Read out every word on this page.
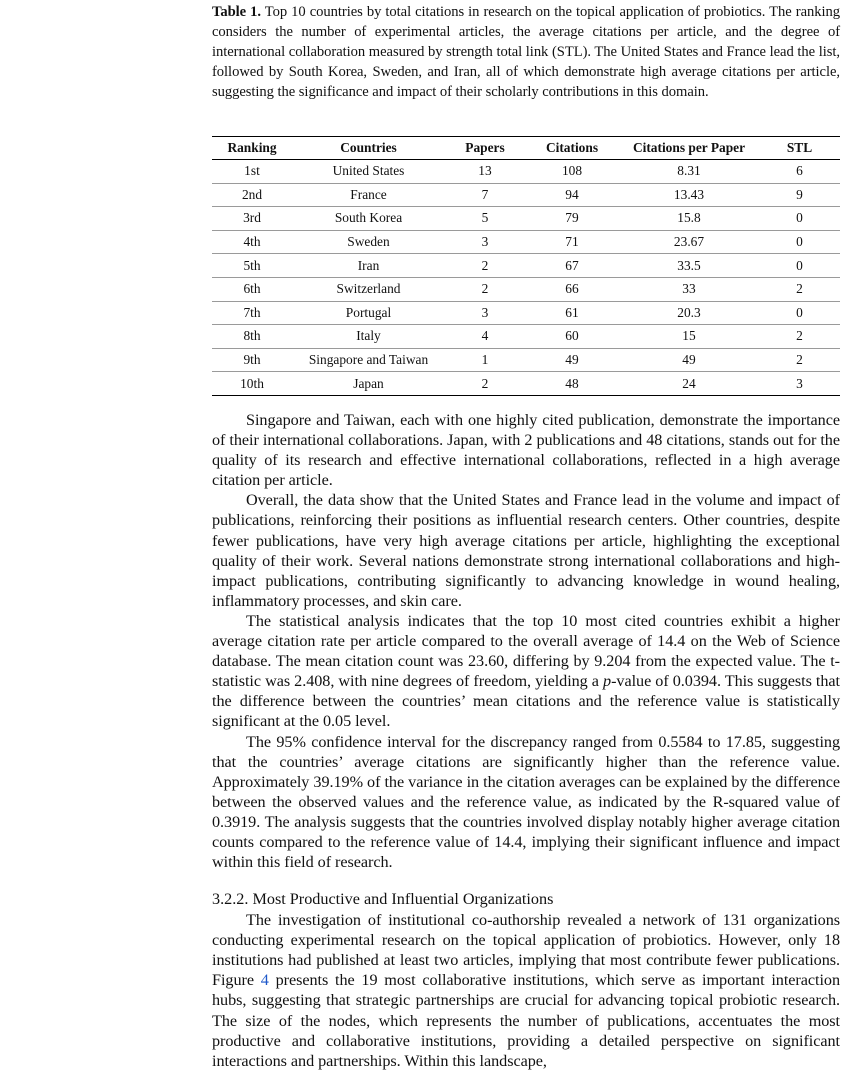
Table 1. Top 10 countries by total citations in research on the topical application of probiotics. The ranking considers the number of experimental articles, the average citations per article, and the degree of international collaboration measured by strength total link (STL). The United States and France lead the list, followed by South Korea, Sweden, and Iran, all of which demonstrate high average citations per article, suggesting the significance and impact of their scholarly contributions in this domain.

Ranking	Countries	Papers	Citations	Citations per Paper	STL
1st	United States	13	108	8.31	6
2nd	France	7	94	13.43	9
3rd	South Korea	5	79	15.8	0
4th	Sweden	3	71	23.67	0
5th	Iran	2	67	33.5	0
6th	Switzerland	2	66	33	2
7th	Portugal	3	61	20.3	0
8th	Italy	4	60	15	2
9th	Singapore and Taiwan	1	49	49	2
10th	Japan	2	48	24	3

Singapore and Taiwan, each with one highly cited publication, demonstrate the importance of their international collaborations. Japan, with 2 publications and 48 citations, stands out for the quality of its research and effective international collaborations, reflected in a high average citation per article.

Overall, the data show that the United States and France lead in the volume and impact of publications, reinforcing their positions as influential research centers. Other countries, despite fewer publications, have very high average citations per article, highlighting the exceptional quality of their work. Several nations demonstrate strong international collaborations and high-impact publications, contributing significantly to advancing knowledge in wound healing, inflammatory processes, and skin care.

The statistical analysis indicates that the top 10 most cited countries exhibit a higher average citation rate per article compared to the overall average of 14.4 on the Web of Science database. The mean citation count was 23.60, differing by 9.204 from the expected value. The t-statistic was 2.408, with nine degrees of freedom, yielding a p-value of 0.0394. This suggests that the difference between the countries’ mean citations and the reference value is statistically significant at the 0.05 level.

The 95% confidence interval for the discrepancy ranged from 0.5584 to 17.85, suggesting that the countries’ average citations are significantly higher than the reference value. Approximately 39.19% of the variance in the citation averages can be explained by the difference between the observed values and the reference value, as indicated by the R-squared value of 0.3919. The analysis suggests that the countries involved display notably higher average citation counts compared to the reference value of 14.4, implying their significant influence and impact within this field of research.

3.2.2. Most Productive and Influential Organizations

The investigation of institutional co-authorship revealed a network of 131 organizations conducting experimental research on the topical application of probiotics. However, only 18 institutions had published at least two articles, implying that most contribute fewer publications. Figure 4 presents the 19 most collaborative institutions, which serve as important interaction hubs, suggesting that strategic partnerships are crucial for advancing topical probiotic research. The size of the nodes, which represents the number of publications, accentuates the most productive and collaborative institutions, providing a detailed perspective on significant interactions and partnerships. Within this landscape,
